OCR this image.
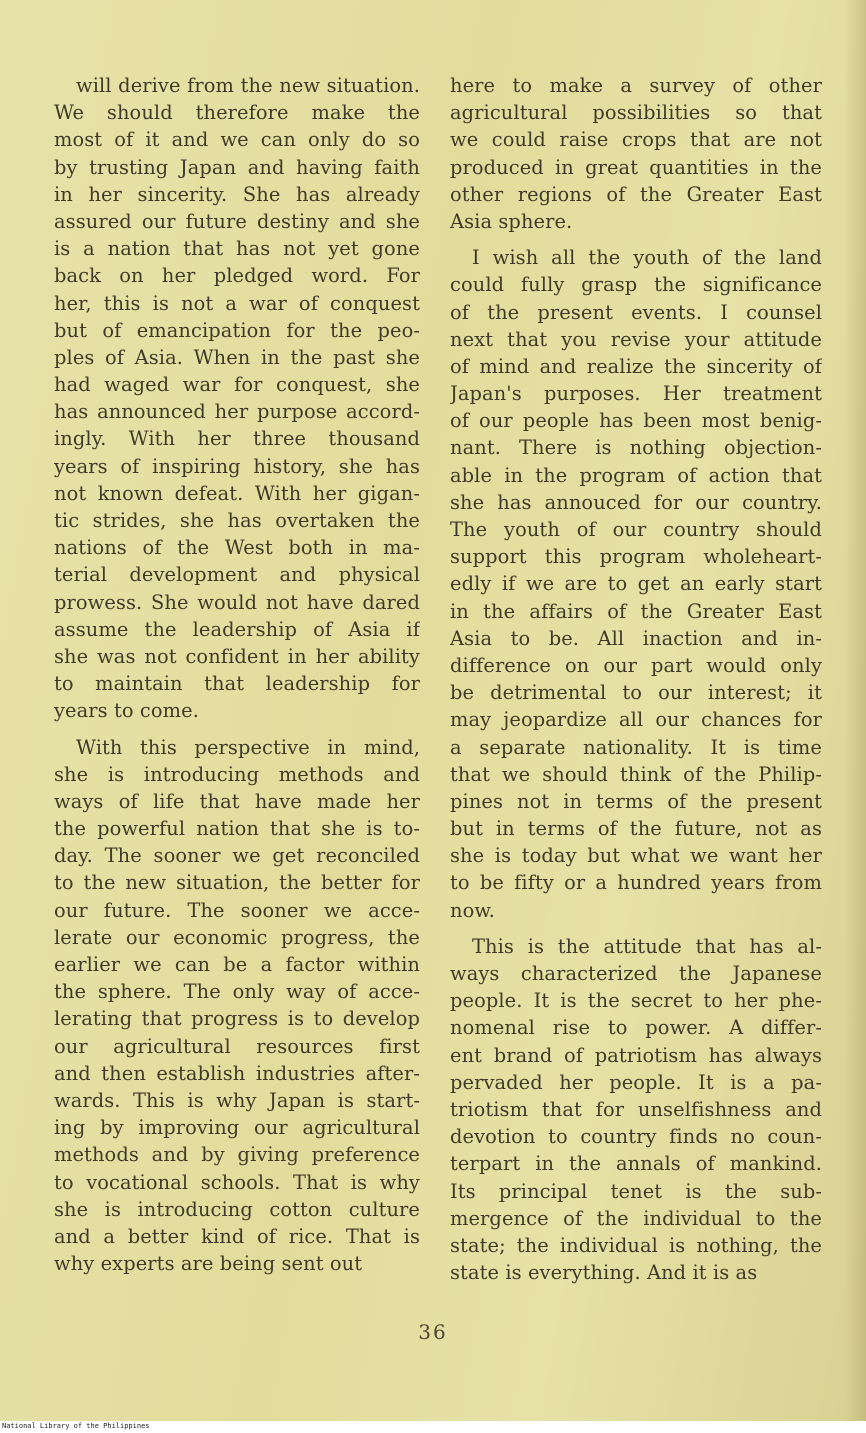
will derive from the new situation.
We should therefore make the
most of it and we can only do so
by trusting Japan and having faith
in her sincerity. She has already
assured our future destiny and she
is a nation that has not yet gone
back on her pledged word. For
her, this is not a war of conquest
but of emancipation for the peo-
ples of Asia. When in the past she
had waged war for conquest, she
has announced her purpose accord-
ingly. With her three thousand
years of inspiring history, she has
not known defeat. With her gigan-
tic strides, she has overtaken the
nations of the West both in ma-
terial development and physical
prowess. She would not have dared
assume the leadership of Asia if
she was not confident in her ability
to maintain that leadership for
years to come.
With this perspective in mind,
she is introducing methods and
ways of life that have made her
the powerful nation that she is to-
day. The sooner we get reconciled
to the new situation, the better for
our future. The sooner we acce-
lerate our economic progress, the
earlier we can be a factor within
the sphere. The only way of acce-
lerating that progress is to develop
our agricultural resources first
and then establish industries after-
wards. This is why Japan is start-
ing by improving our agricultural
methods and by giving preference
to vocational schools. That is why
she is introducing cotton culture
and a better kind of rice. That is
why experts are being sent out
here to make a survey of other
agricultural possibilities so that
we could raise crops that are not
produced in great quantities in the
other regions of the Greater East
Asia sphere.
I wish all the youth of the land
could fully grasp the significance
of the present events. I counsel
next that you revise your attitude
of mind and realize the sincerity of
Japan's purposes. Her treatment
of our people has been most benig-
nant. There is nothing objection-
able in the program of action that
she has annouced for our country.
The youth of our country should
support this program wholeheart-
edly if we are to get an early start
in the affairs of the Greater East
Asia to be. All inaction and in-
difference on our part would only
be detrimental to our interest; it
may jeopardize all our chances for
a separate nationality. It is time
that we should think of the Philip-
pines not in terms of the present
but in terms of the future, not as
she is today but what we want her
to be fifty or a hundred years from
now.
This is the attitude that has al-
ways characterized the Japanese
people. It is the secret to her phe-
nomenal rise to power. A differ-
ent brand of patriotism has always
pervaded her people. It is a pa-
triotism that for unselfishness and
devotion to country finds no coun-
terpart in the annals of mankind.
Its principal tenet is the sub-
mergence of the individual to the
state; the individual is nothing, the
state is everything. And it is as
36
National Library of the Philippines
